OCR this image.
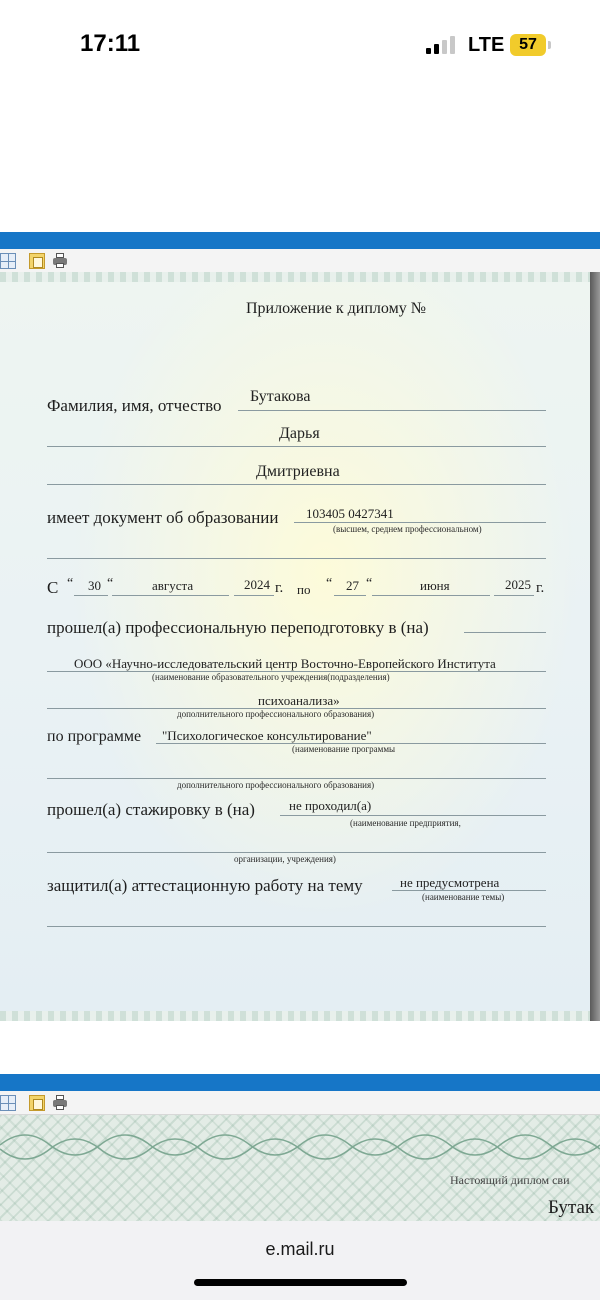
17:11	LTE 57
Приложение к диплому №
Фамилия, имя, отчество Бутакова
Дарья
Дмитриевна
имеет документ об образовании 103405 0427341
(высшем, среднем профессиональном)
С “ 30 “	августа	2024 г. по “ 27 “	июня	2025 г.
прошел(а) профессиональную переподготовку в (на)
ООО «Научно-исследовательский центр Восточно-Европейского Института
(наименование образовательного учреждения(подразделения)
психоанализа»
дополнительного профессионального образования)
по программе "Психологическое консультирование"
(наименование программы
дополнительного профессионального образования)
прошел(а) стажировку в (на)	не проходил(а)
(наименование предприятия,
организации, учреждения)
защитил(а) аттестационную работу на тему	не предусмотрена
(наименование темы)
Настоящий диплом сви
Бутак
e.mail.ru
